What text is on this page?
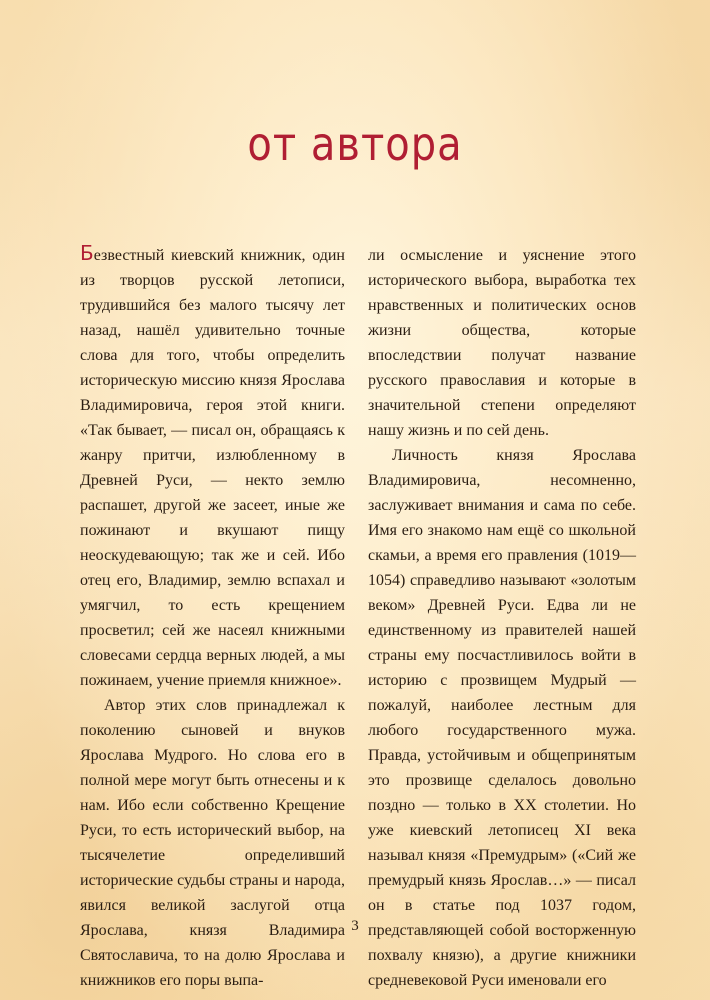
от автора

Безвестный киевский книжник, один из творцов русской летописи, трудившийся без малого тысячу лет назад, нашёл удивительно точные слова для того, чтобы определить историческую миссию князя Ярослава Владимировича, героя этой книги. «Так бывает, — писал он, обращаясь к жанру притчи, излюбленному в Древней Руси, — некто землю распашет, другой же засеет, иные же пожинают и вкушают пищу неоскудевающую; так же и сей. Ибо отец его, Владимир, землю вспахал и умягчил, то есть крещением просветил; сей же насеял книжными словесами сердца верных людей, а мы пожинаем, учение приемля книжное».

Автор этих слов принадлежал к поколению сыновей и внуков Ярослава Мудрого. Но слова его в полной мере могут быть отнесены и к нам. Ибо если собственно Крещение Руси, то есть исторический выбор, на тысячелетие определивший исторические судьбы страны и народа, явился великой заслугой отца Ярослава, князя Владимира Святославича, то на долю Ярослава и книжников его поры выпа-

ли осмысление и уяснение этого исторического выбора, выработка тех нравственных и политических основ жизни общества, которые впоследствии получат название русского православия и которые в значительной степени определяют нашу жизнь и по сей день.

Личность князя Ярослава Владимировича, несомненно, заслуживает внимания и сама по себе. Имя его знакомо нам ещё со школьной скамьи, а время его правления (1019—1054) справедливо называют «золотым веком» Древней Руси. Едва ли не единственному из правителей нашей страны ему посчастливилось войти в историю с прозвищем Мудрый — пожалуй, наиболее лестным для любого государственного мужа. Правда, устойчивым и общепринятым это прозвище сделалось довольно поздно — только в XX столетии. Но уже киевский летописец XI века называл князя «Премудрым» («Сий же премудрый князь Ярослав…» — писал он в статье под 1037 годом, представляющей собой восторженную похвалу князю), а другие книжники средневековой Руси именовали его

3
